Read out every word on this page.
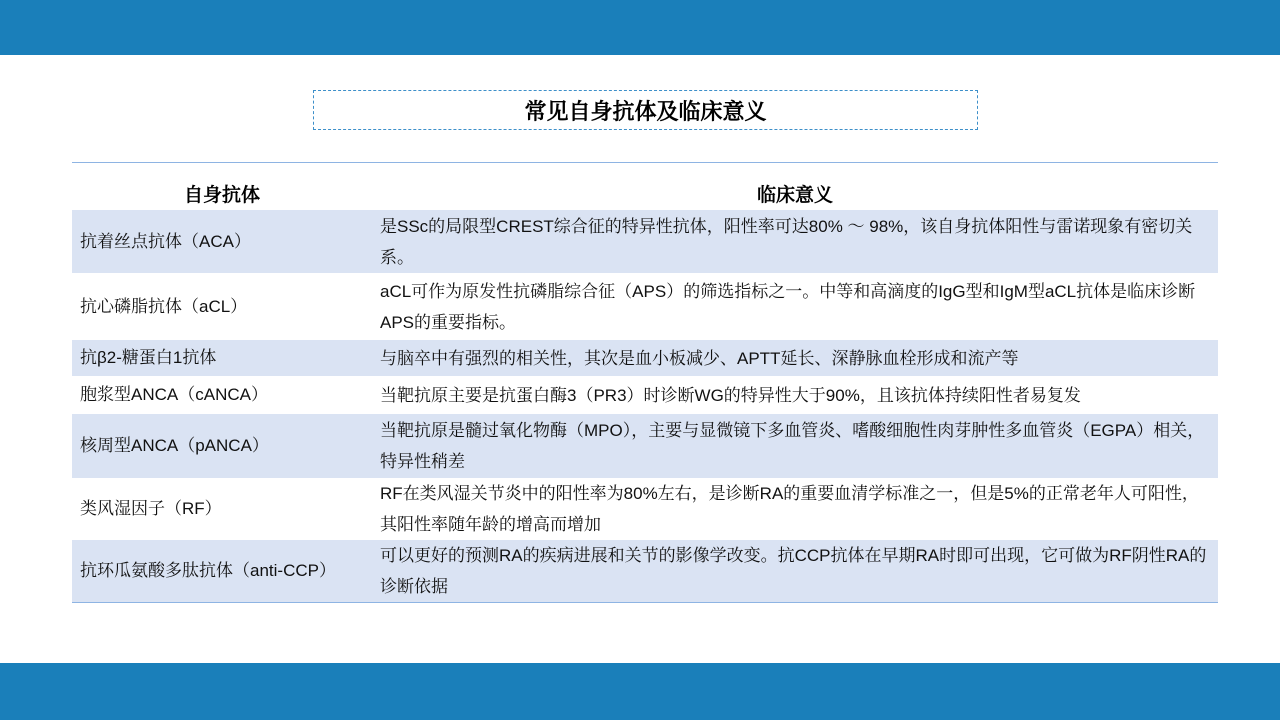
常见自身抗体及临床意义
自身抗体	临床意义
抗着丝点抗体（ACA）	是SSc的局限型CREST综合征的特异性抗体，阳性率可达80% ～ 98%，该自身抗体阳性与雷诺现象有密切关系。
抗心磷脂抗体（aCL）	aCL可作为原发性抗磷脂综合征（APS）的筛选指标之一。中等和高滴度的IgG型和IgM型aCL抗体是临床诊断APS的重要指标。
抗β2-糖蛋白1抗体	与脑卒中有强烈的相关性，其次是血小板减少、APTT延长、深静脉血栓形成和流产等
胞浆型ANCA（cANCA）	当靶抗原主要是抗蛋白酶3（PR3）时诊断WG的特异性大于90%，且该抗体持续阳性者易复发
核周型ANCA（pANCA）	当靶抗原是髓过氧化物酶（MPO），主要与显微镜下多血管炎、嗜酸细胞性肉芽肿性多血管炎（EGPA）相关，特异性稍差
类风湿因子（RF）	RF在类风湿关节炎中的阳性率为80%左右，是诊断RA的重要血清学标准之一，但是5%的正常老年人可阳性，其阳性率随年龄的增高而增加
抗环瓜氨酸多肽抗体（anti-CCP）	可以更好的预测RA的疾病进展和关节的影像学改变。抗CCP抗体在早期RA时即可出现，它可做为RF阴性RA的诊断依据
